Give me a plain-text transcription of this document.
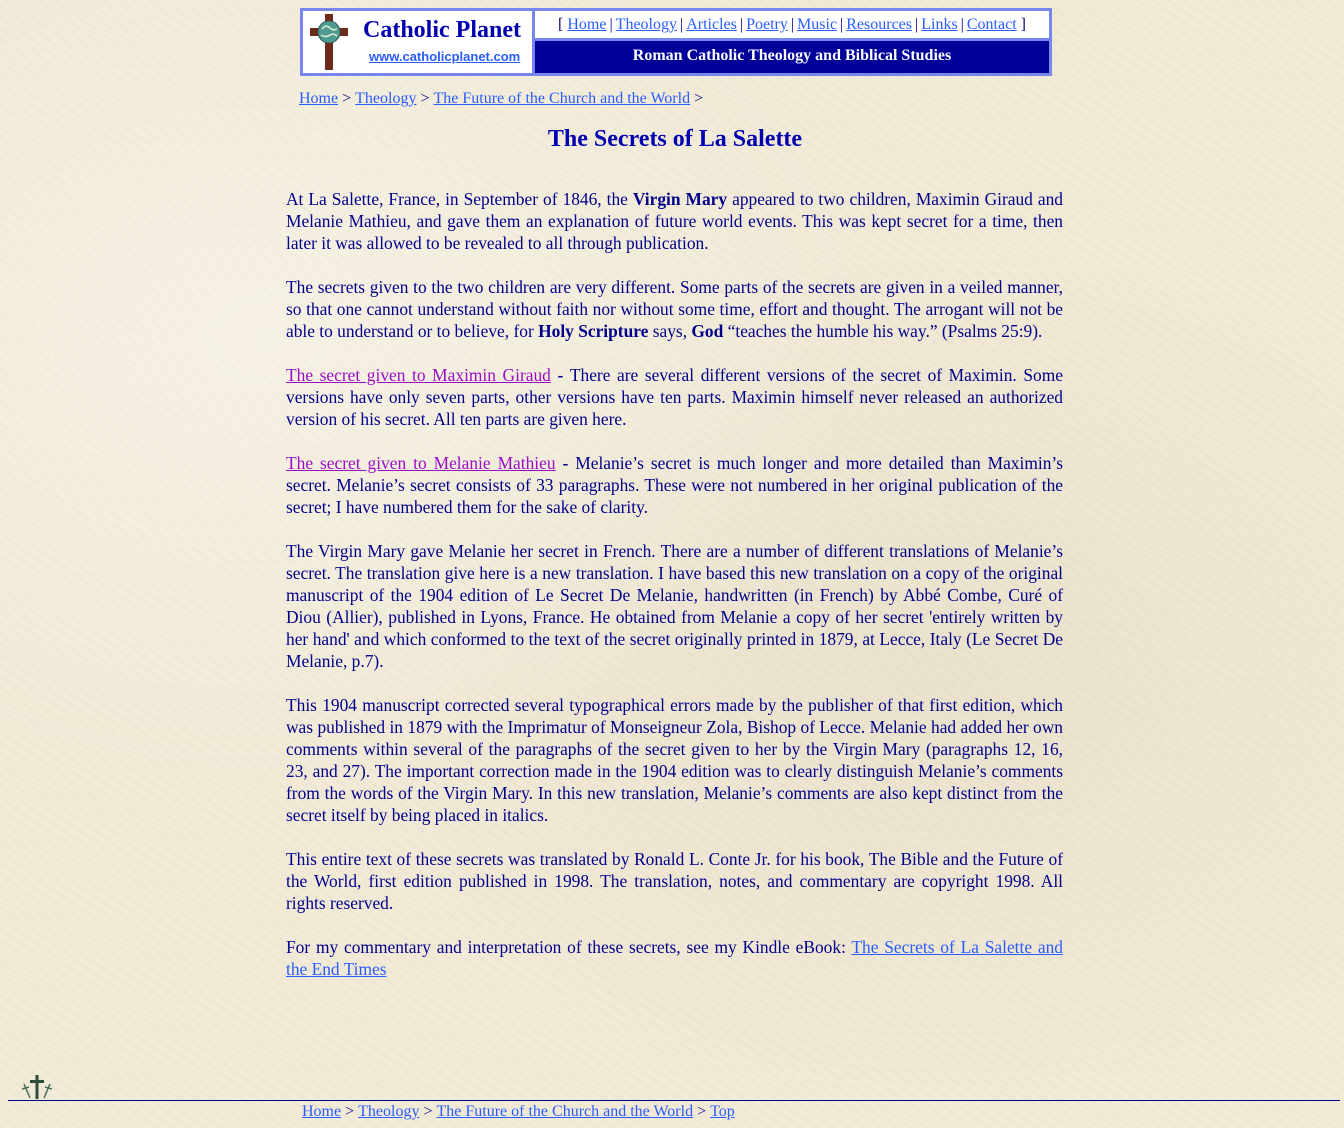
Catholic Planet
www.catholicplanet.com
[ Home | Theology | Articles | Poetry | Music | Resources | Links | Contact ]
Roman Catholic Theology and Biblical Studies
Home > Theology > The Future of the Church and the World >
The Secrets of La Salette

At La Salette, France, in September of 1846, the Virgin Mary appeared to two children, Maximin Giraud and Melanie Mathieu, and gave them an explanation of future world events. This was kept secret for a time, then later it was allowed to be revealed to all through publication.

The secrets given to the two children are very different. Some parts of the secrets are given in a veiled manner, so that one cannot understand without faith nor without some time, effort and thought. The arrogant will not be able to understand or to believe, for Holy Scripture says, God “teaches the humble his way.” (Psalms 25:9).

The secret given to Maximin Giraud - There are several different versions of the secret of Maximin. Some versions have only seven parts, other versions have ten parts. Maximin himself never released an authorized version of his secret. All ten parts are given here.

The secret given to Melanie Mathieu - Melanie’s secret is much longer and more detailed than Maximin’s secret. Melanie’s secret consists of 33 paragraphs. These were not numbered in her original publication of the secret; I have numbered them for the sake of clarity.

The Virgin Mary gave Melanie her secret in French. There are a number of different translations of Melanie’s secret. The translation give here is a new translation. I have based this new translation on a copy of the original manuscript of the 1904 edition of Le Secret De Melanie, handwritten (in French) by Abbé Combe, Curé of Diou (Allier), published in Lyons, France. He obtained from Melanie a copy of her secret 'entirely written by her hand' and which conformed to the text of the secret originally printed in 1879, at Lecce, Italy (Le Secret De Melanie, p.7).

This 1904 manuscript corrected several typographical errors made by the publisher of that first edition, which was published in 1879 with the Imprimatur of Monseigneur Zola, Bishop of Lecce. Melanie had added her own comments within several of the paragraphs of the secret given to her by the Virgin Mary (paragraphs 12, 16, 23, and 27). The important correction made in the 1904 edition was to clearly distinguish Melanie’s comments from the words of the Virgin Mary. In this new translation, Melanie’s comments are also kept distinct from the secret itself by being placed in italics.

This entire text of these secrets was translated by Ronald L. Conte Jr. for his book, The Bible and the Future of the World, first edition published in 1998. The translation, notes, and commentary are copyright 1998. All rights reserved.

For my commentary and interpretation of these secrets, see my Kindle eBook: The Secrets of La Salette and the End Times

Home > Theology > The Future of the Church and the World > Top
